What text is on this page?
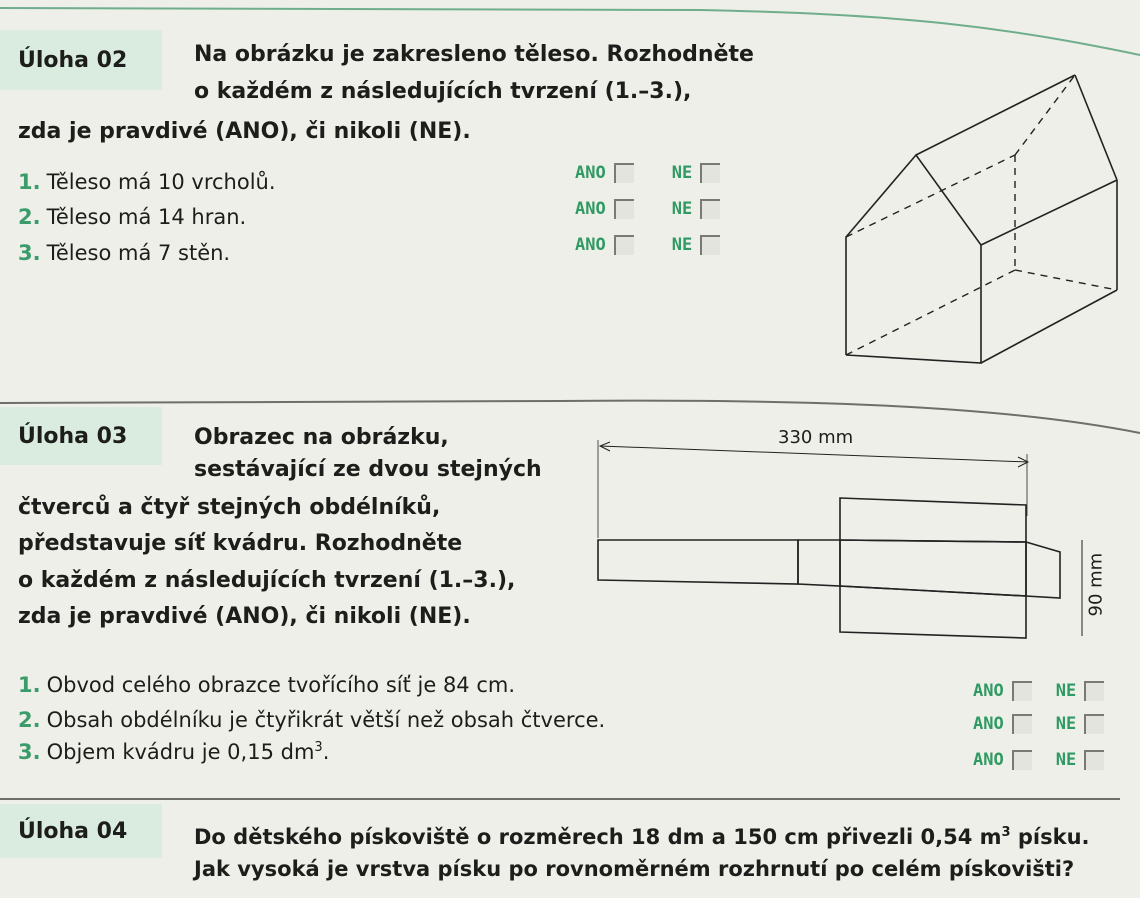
Úloha 02	Na obrázku je zakresleno těleso. Rozhodněte

o každém z následujících tvrzení (1.–3.),

zda je pravdivé (ANO), či nikoli (NE).

1. Těleso má 10 vrcholů.
2. Těleso má 14 hran.
3. Těleso má 7 stěn.
ANO	NE
ANO	NE
ANO	NE
Úloha 03	Obrazec na obrázku,

sestávající ze dvou stejných

čtverců a čtyř stejných obdélníků,

představuje síť kvádru. Rozhodněte

o každém z následujících tvrzení (1.–3.),

zda je pravdivé (ANO), či nikoli (NE).

330 mm
90 mm
1. Obvod celého obrazce tvořícího síť je 84 cm.
2. Obsah obdélníku je čtyřikrát větší než obsah čtverce.
3. Objem kvádru je 0,15 $dm^3$.
ANO	NE
ANO	NE
ANO	NE
Úloha 04	Do dětského pískoviště o rozměrech 18 dm a 150 cm přivezli 0,54 $m^3$ písku.

Jak vysoká je vrstva písku po rovnoměrném rozhrnutí po celém pískovišti?
